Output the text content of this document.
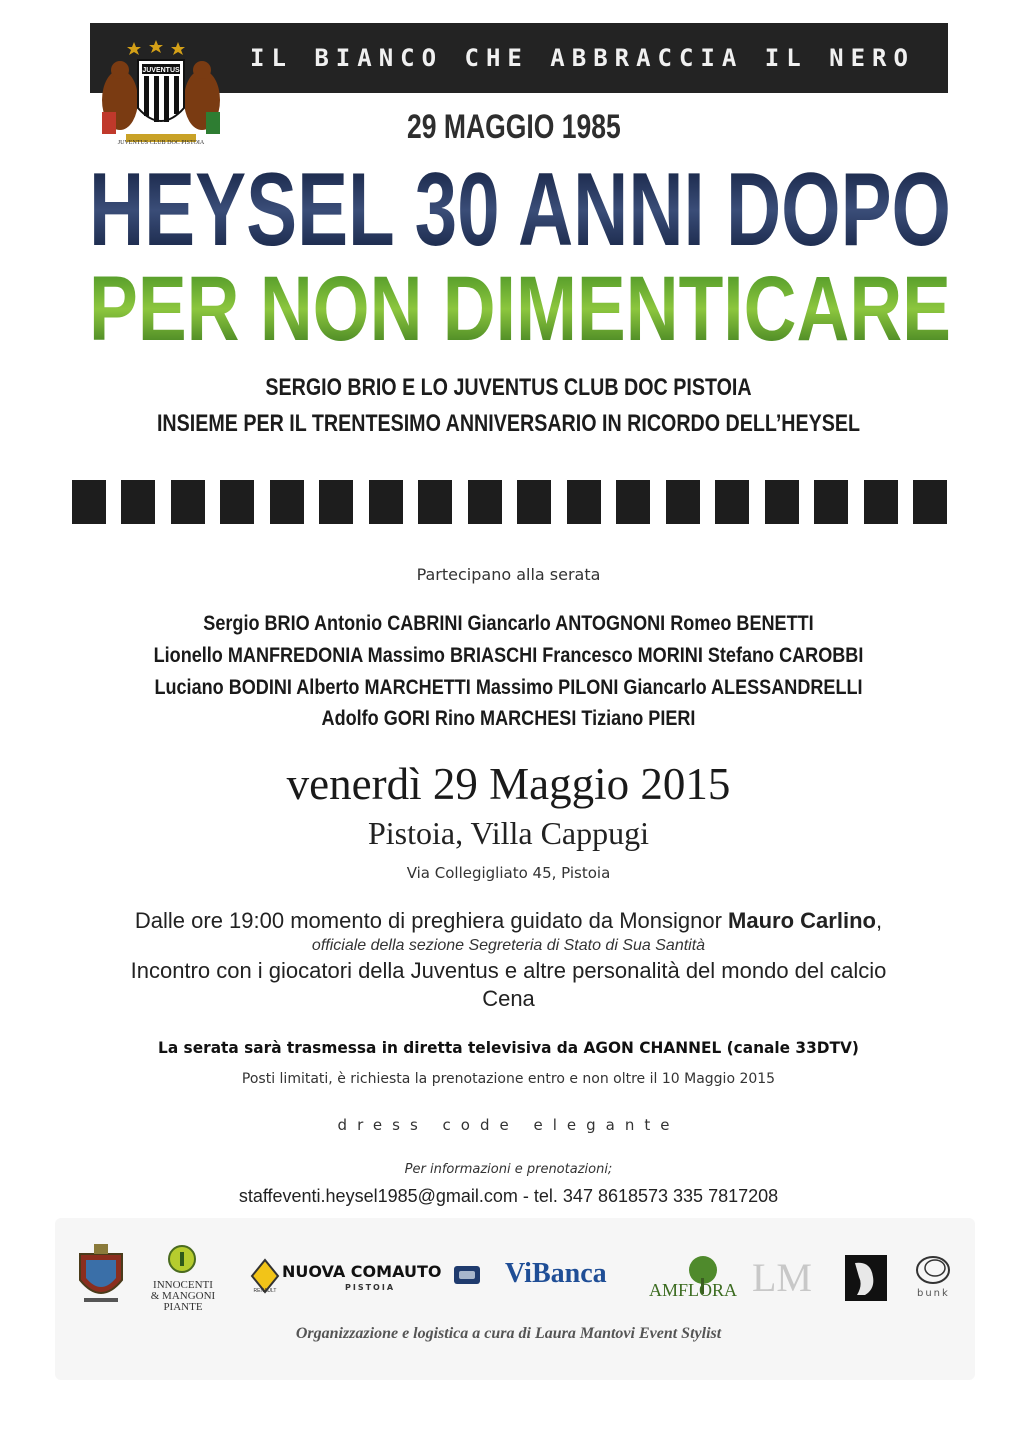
IL BIANCO CHE ABBRACCIA IL NERO
JUVENTUS
JUVENTUS CLUB DOC PISTOIA	29 MAGGIO 1985
HEYSEL 30 ANNI DOPO
PER NON DIMENTICARE
SERGIO BRIO E LO JUVENTUS CLUB DOC PISTOIA
INSIEME PER IL TRENTESIMO ANNIVERSARIO IN RICORDO DELL’HEYSEL
Partecipano alla serata
Sergio BRIO Antonio CABRINI Giancarlo ANTOGNONI Romeo BENETTI
Lionello MANFREDONIA Massimo BRIASCHI Francesco MORINI Stefano CAROBBI
Luciano BODINI Alberto MARCHETTI Massimo PILONI Giancarlo ALESSANDRELLI
Adolfo GORI Rino MARCHESI Tiziano PIERI
venerdì 29 Maggio 2015
Pistoia, Villa Cappugi
Via Collegigliato 45, Pistoia
Dalle ore 19:00 momento di preghiera guidato da Monsignor Mauro Carlino,
officiale della sezione Segreteria di Stato di Sua Santità
Incontro con i giocatori della Juventus e altre personalità del mondo del calcio
Cena
La serata sarà trasmessa in diretta televisiva da AGON CHANNEL (canale 33DTV)
Posti limitati, è richiesta la prenotazione entro e non oltre il 10 Maggio 2015
dress code elegante
Per informazioni e prenotazioni;
staffeventi.heysel1985@gmail.com - tel. 347 8618573 335 7817208
INNOCENTI
& MANGONI
PIANTE
RENAULT
NUOVA COMAUTO
PISTOIA	ViBanca
AMFLORA LM	bunk
Organizzazione e logistica a cura di Laura Mantovi Event Stylist
